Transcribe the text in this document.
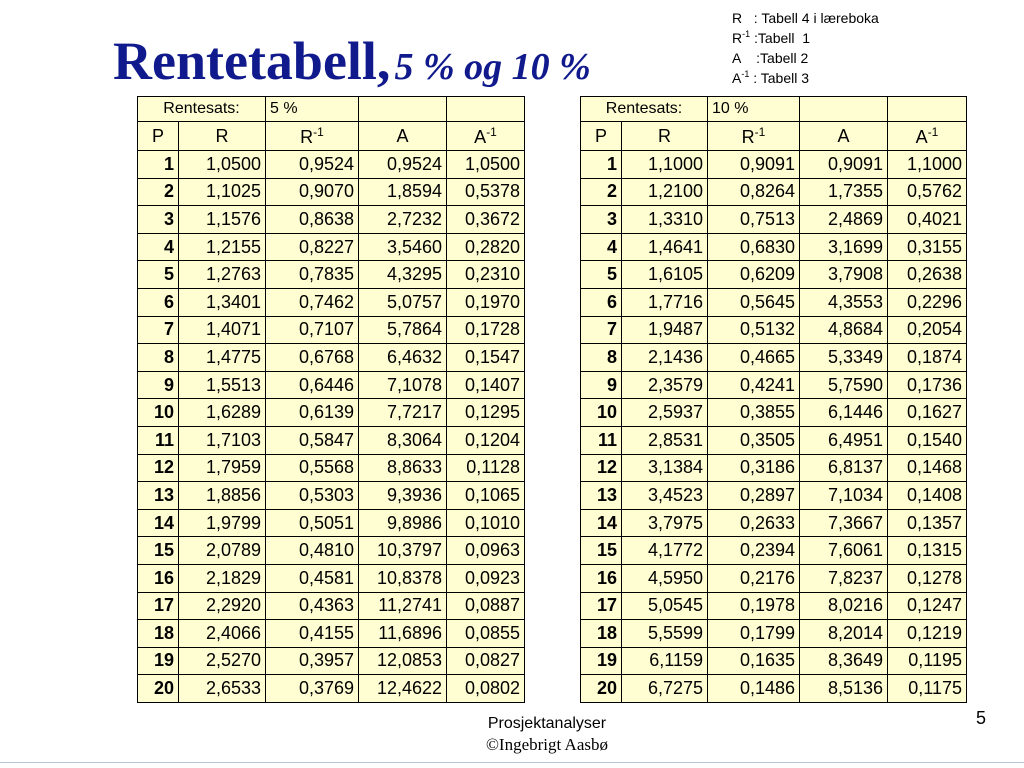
Rentetabell, 5 % og 10 %
R   : Tabell 4 i læreboka
$R^{-1}$ :Tabell  1
A    :Tabell 2
$A^{-1}$ : Tabell 3
Rentesats:		5 %		
P	R	$R^{-1}$	A	$A^{-1}$
1	1,0500	0,9524	0,9524	1,0500
2	1,1025	0,9070	1,8594	0,5378
3	1,1576	0,8638	2,7232	0,3672
4	1,2155	0,8227	3,5460	0,2820
5	1,2763	0,7835	4,3295	0,2310
6	1,3401	0,7462	5,0757	0,1970
7	1,4071	0,7107	5,7864	0,1728
8	1,4775	0,6768	6,4632	0,1547
9	1,5513	0,6446	7,1078	0,1407
10	1,6289	0,6139	7,7217	0,1295
11	1,7103	0,5847	8,3064	0,1204
12	1,7959	0,5568	8,8633	0,1128
13	1,8856	0,5303	9,3936	0,1065
14	1,9799	0,5051	9,8986	0,1010
15	2,0789	0,4810	10,3797	0,0963
16	2,1829	0,4581	10,8378	0,0923
17	2,2920	0,4363	11,2741	0,0887
18	2,4066	0,4155	11,6896	0,0855
19	2,5270	0,3957	12,0853	0,0827
20	2,6533	0,3769	12,4622	0,0802
Rentesats:		10 %		
P	R	$R^{-1}$	A	$A^{-1}$
1	1,1000	0,9091	0,9091	1,1000
2	1,2100	0,8264	1,7355	0,5762
3	1,3310	0,7513	2,4869	0,4021
4	1,4641	0,6830	3,1699	0,3155
5	1,6105	0,6209	3,7908	0,2638
6	1,7716	0,5645	4,3553	0,2296
7	1,9487	0,5132	4,8684	0,2054
8	2,1436	0,4665	5,3349	0,1874
9	2,3579	0,4241	5,7590	0,1736
10	2,5937	0,3855	6,1446	0,1627
11	2,8531	0,3505	6,4951	0,1540
12	3,1384	0,3186	6,8137	0,1468
13	3,4523	0,2897	7,1034	0,1408
14	3,7975	0,2633	7,3667	0,1357
15	4,1772	0,2394	7,6061	0,1315
16	4,5950	0,2176	7,8237	0,1278
17	5,0545	0,1978	8,0216	0,1247
18	5,5599	0,1799	8,2014	0,1219
19	6,1159	0,1635	8,3649	0,1195
20	6,7275	0,1486	8,5136	0,1175
Prosjektanalyser
©Ingebrigt Aasbø
5
